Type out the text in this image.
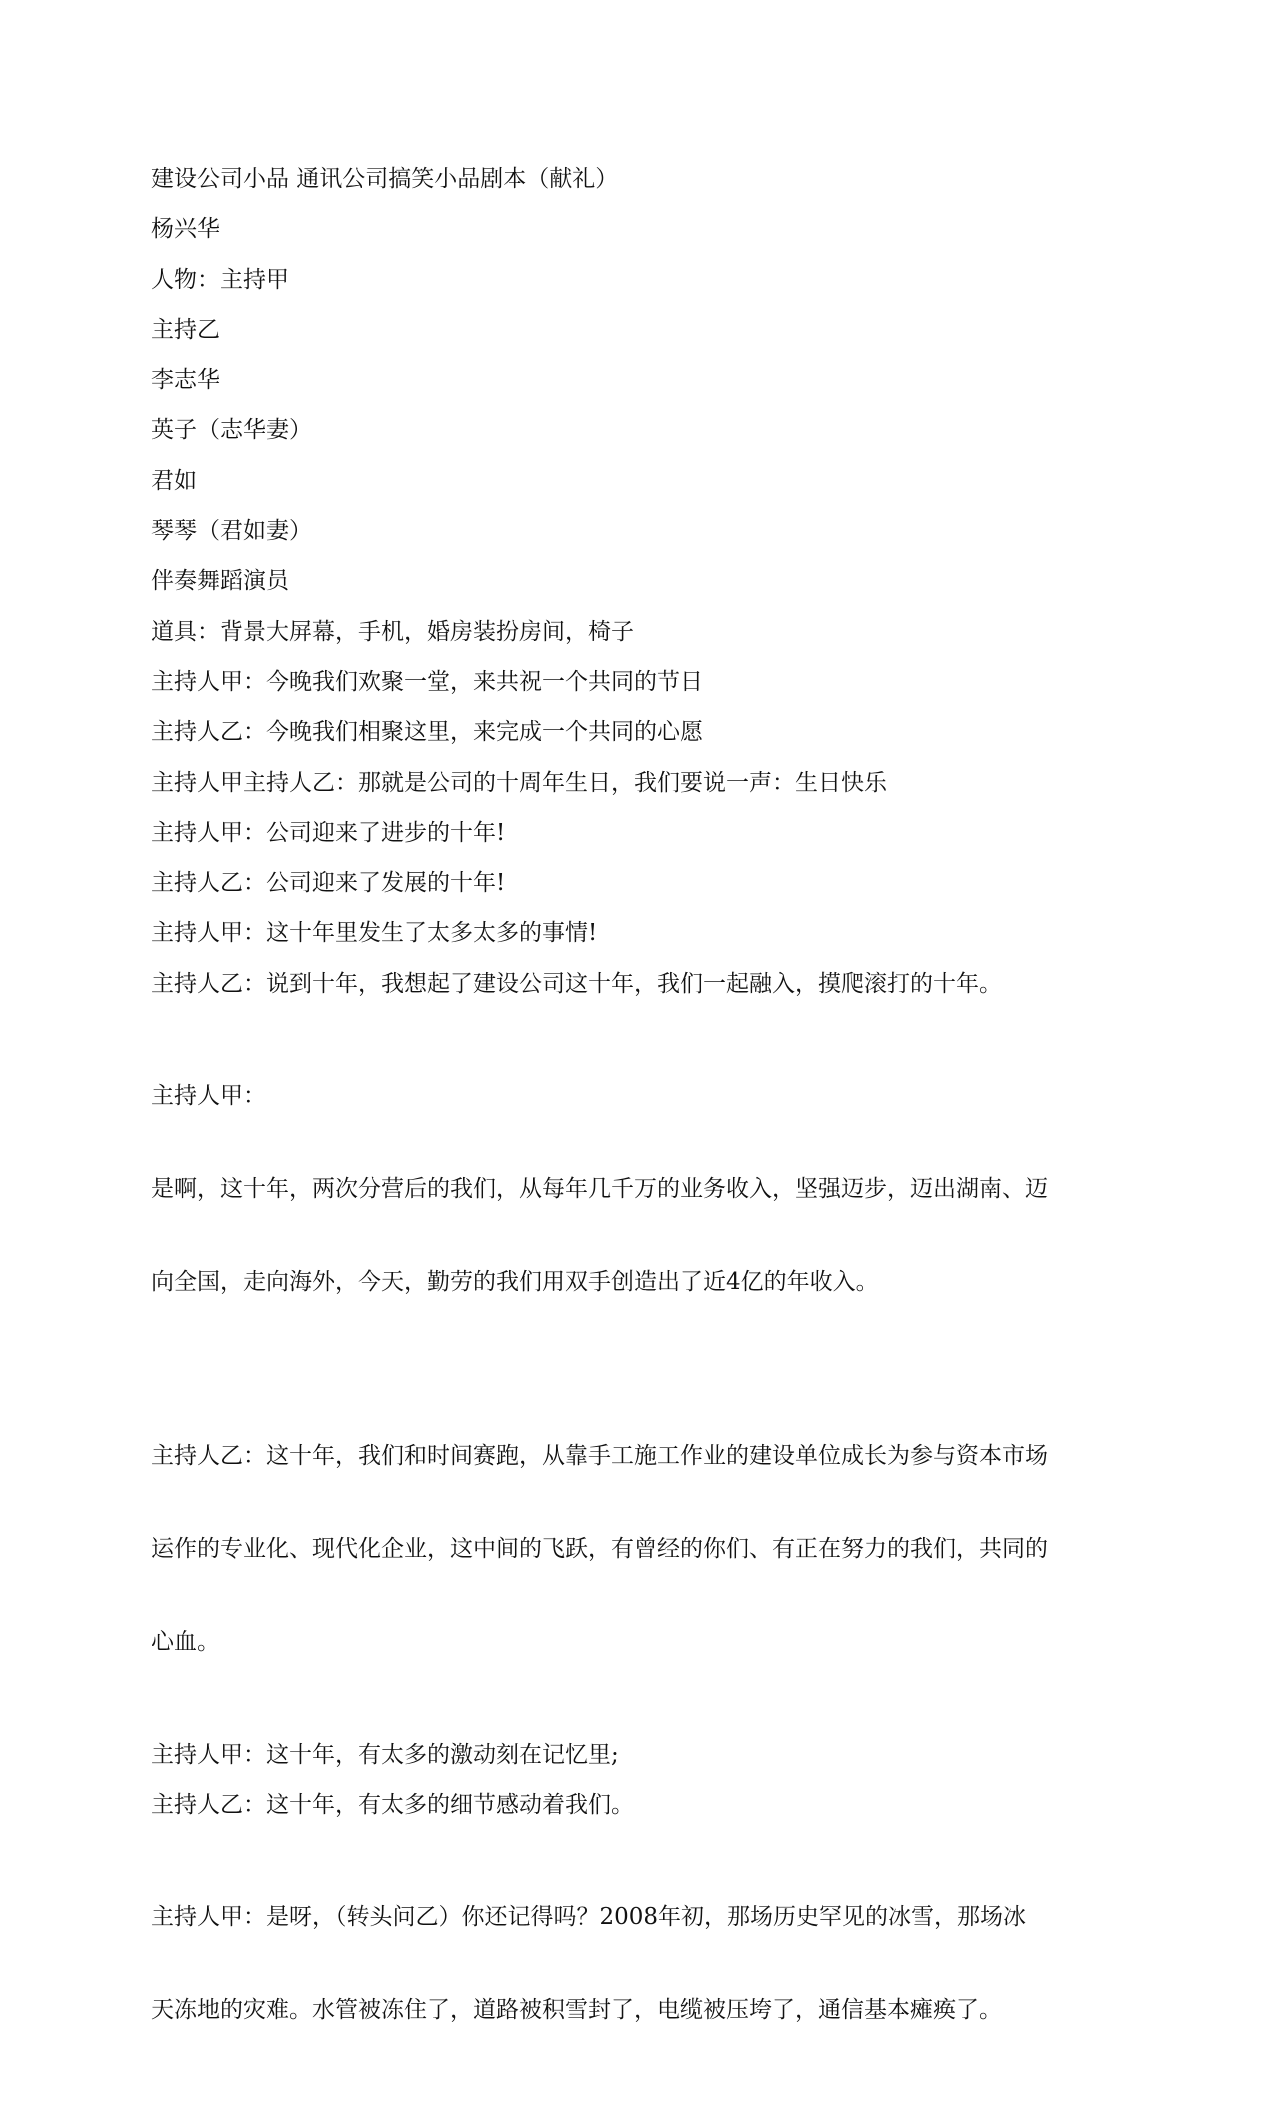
建设公司小品 通讯公司搞笑小品剧本（献礼）

杨兴华

人物：主持甲

主持乙

李志华

英子（志华妻）

君如

琴琴（君如妻）

伴奏舞蹈演员

道具：背景大屏幕，手机，婚房装扮房间，椅子

主持人甲：今晚我们欢聚一堂，来共祝一个共同的节日

主持人乙：今晚我们相聚这里，来完成一个共同的心愿

主持人甲主持人乙：那就是公司的十周年生日，我们要说一声：生日快乐

主持人甲：公司迎来了进步的十年!

主持人乙：公司迎来了发展的十年!

主持人甲：这十年里发生了太多太多的事情!

主持人乙：说到十年，我想起了建设公司这十年，我们一起融入，摸爬滚打的十年。

主持人甲：

是啊，这十年，两次分营后的我们，从每年几千万的业务收入，坚强迈步，迈出湖南、迈

向全国，走向海外，今天，勤劳的我们用双手创造出了近4亿的年收入。

主持人乙：这十年，我们和时间赛跑，从靠手工施工作业的建设单位成长为参与资本市场

运作的专业化、现代化企业，这中间的飞跃，有曾经的你们、有正在努力的我们，共同的

心血。

主持人甲：这十年，有太多的激动刻在记忆里;

主持人乙：这十年，有太多的细节感动着我们。

主持人甲：是呀，（转头问乙）你还记得吗？2008年初，那场历史罕见的冰雪，那场冰

天冻地的灾难。水管被冻住了，道路被积雪封了，电缆被压垮了，通信基本瘫痪了。
